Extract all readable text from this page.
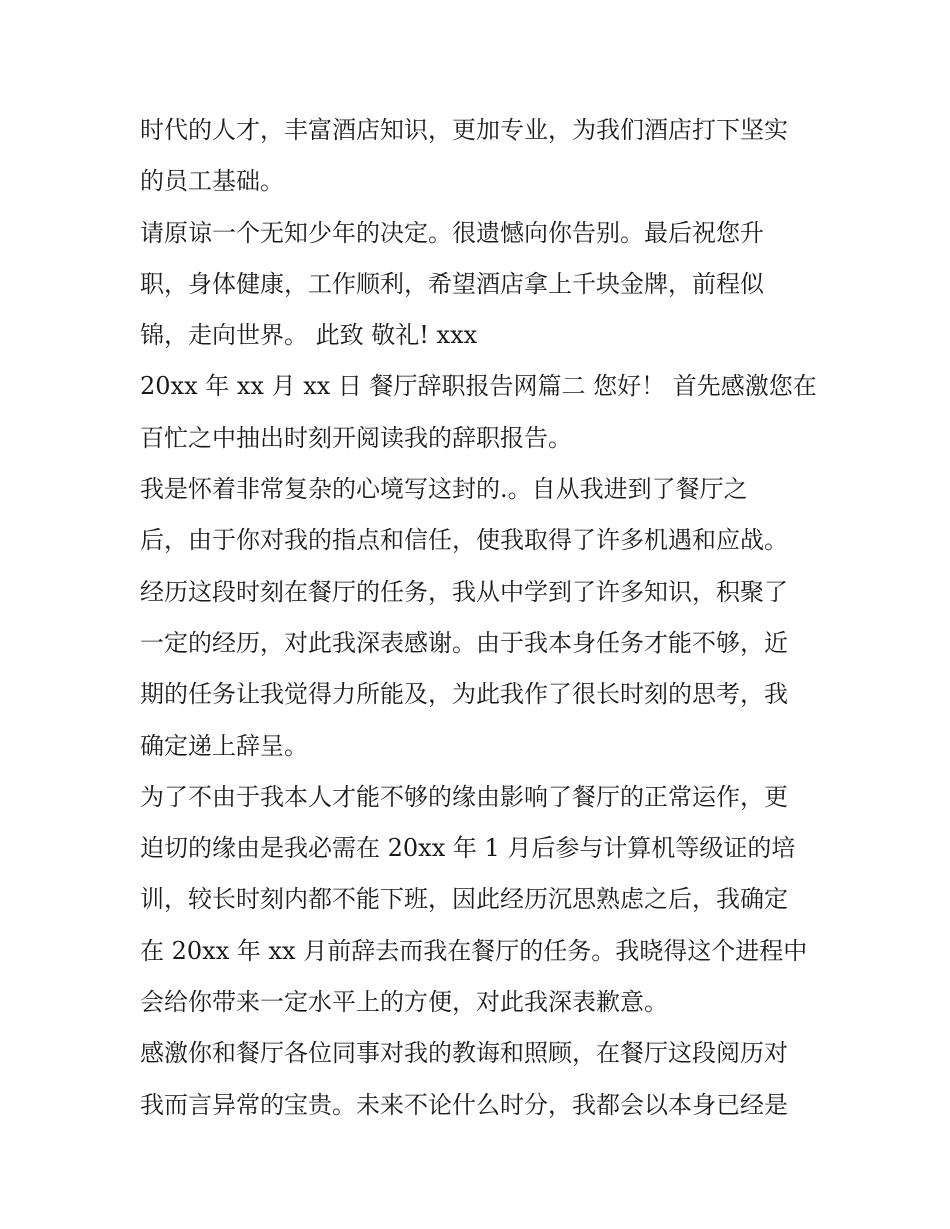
时代的人才，丰富酒店知识，更加专业，为我们酒店打下坚实
的员工基础。
请原谅一个无知少年的决定。很遗憾向你告别。最后祝您升
职，身体健康，工作顺利，希望酒店拿上千块金牌，前程似
锦，走向世界。 此致 敬礼! xxx
20xx 年 xx 月 xx 日 餐厅辞职报告网篇二 您好！ 首先感激您在
百忙之中抽出时刻开阅读我的辞职报告。
我是怀着非常复杂的心境写这封的.。自从我进到了餐厅之
后，由于你对我的指点和信任，使我取得了许多机遇和应战。
经历这段时刻在餐厅的任务，我从中学到了许多知识，积聚了
一定的经历，对此我深表感谢。由于我本身任务才能不够，近
期的任务让我觉得力所能及，为此我作了很长时刻的思考，我
确定递上辞呈。
为了不由于我本人才能不够的缘由影响了餐厅的正常运作，更
迫切的缘由是我必需在 20xx 年 1 月后参与计算机等级证的培
训，较长时刻内都不能下班，因此经历沉思熟虑之后，我确定
在 20xx 年 xx 月前辞去而我在餐厅的任务。我晓得这个进程中
会给你带来一定水平上的方便，对此我深表歉意。
感激你和餐厅各位同事对我的教诲和照顾，在餐厅这段阅历对
我而言异常的宝贵。未来不论什么时分，我都会以本身已经是
